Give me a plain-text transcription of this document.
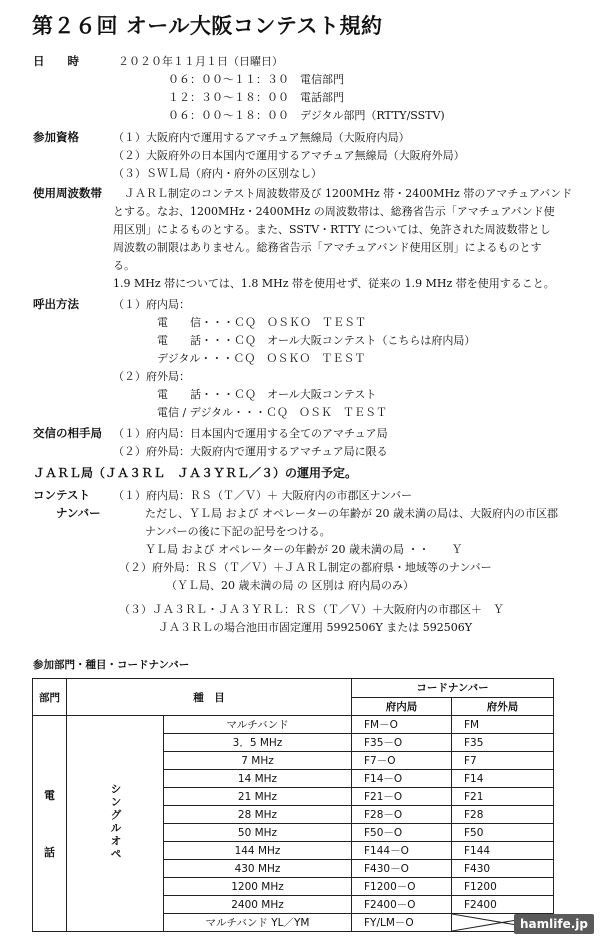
第２６回 オール大阪コンテスト規約
日　　時	２０２０年１１月１日（日曜日）
０６：００〜１１：３０　電信部門
１２：３０〜１８：００　電話部門
０６：００〜１８：００　デジタル部門（RTTY/SSTV)
参加資格	（１）大阪府内で運用するアマチュア無線局（大阪府内局）
（２）大阪府外の日本国内で運用するアマチュア無線局（大阪府外局）
（３）ＳＷＬ局（府内・府外の区別なし）
使用周波数帯 ＪＡＲＬ制定のコンテスト周波数帯及び 1200MHz 帯・2400MHz 帯のアマチュアバンド
とする。なお、1200MHz・2400MHz の周波数帯は、総務省告示「アマチュアバンド使
用区別」によるものとする。また、SSTV・RTTY については、免許された周波数帯とし
周波数の制限はありません。総務省告示「アマチュアバンド使用区別」によるものとす
る。
1.9 MHz 帯については、1.8 MHz 帯を使用せず、従来の 1.9 MHz 帯を使用すること。
呼出方法	（１）府内局：
電　　信・・・ＣＱ　ＯＳＫＯ　ＴＥＳＴ
電　　話・・・ＣＱ　オール大阪コンテスト（こちらは府内局）
デジタル・・・ＣＱ　ＯＳＫＯ　ＴＥＳＴ
（２）府外局：
電　　話・・・ＣＱ　オール大阪コンテスト
電信 / デジタル・・・ＣＱ　ＯＳＫ　ＴＥＳＴ
交信の相手局 （１）府内局：日本国内で運用する全てのアマチュア局
（２）府外局：大阪府内で運用するアマチュア局に限る
ＪＡＲＬ局（ＪＡ３ＲＬ　ＪＡ３ＹＲＬ／３）の運用予定。
コンテスト
ナンバー
（１）府内局：ＲＳ（Ｔ／Ｖ）＋ 大阪府内の市郡区ナンバー
ただし、ＹＬ局 および オペレーターの年齢が 20 歳未満の局は、大阪府内の市区郡
ナンバーの後に下記の記号をつける。
ＹＬ局 および オペレーターの年齢が 20 歳未満の局 ・・　　Ｙ
（２）府外局：ＲＳ（Ｔ／Ｖ）＋ＪＡＲＬ制定の都府県・地域等のナンバー
（ＹＬ局、20 歳未満の局 の 区別は 府内局のみ）
（３）ＪＡ３ＲＬ・ＪＡ３ＹＲＬ：ＲＳ（Ｔ／Ｖ）＋大阪府内の市郡区＋　Ｙ
ＪＡ３ＲＬの場合池田市固定運用 5992506Y または 592506Y
参加部門・種目・コードナンバー
部門	種　目		コードナンバー	
			府内局	府外局

電
話	シングルオペ	マルチバンド	FM－O	FM
		3．5 MHz	F35－O	F35
		7 MHz	F7－O	F7
		14 MHz	F14－O	F14
		21 MHz	F21－O	F21
		28 MHz	F28－O	F28
		50 MHz	F50－O	F50
		144 MHz	F144－O	F144
		430 MHz	F430－O	F430
		1200 MHz	F1200－O	F1200
		2400 MHz	F2400－O	F2400
		マルチバンド YL／YM	FY/LM－O		hamlife.jp
